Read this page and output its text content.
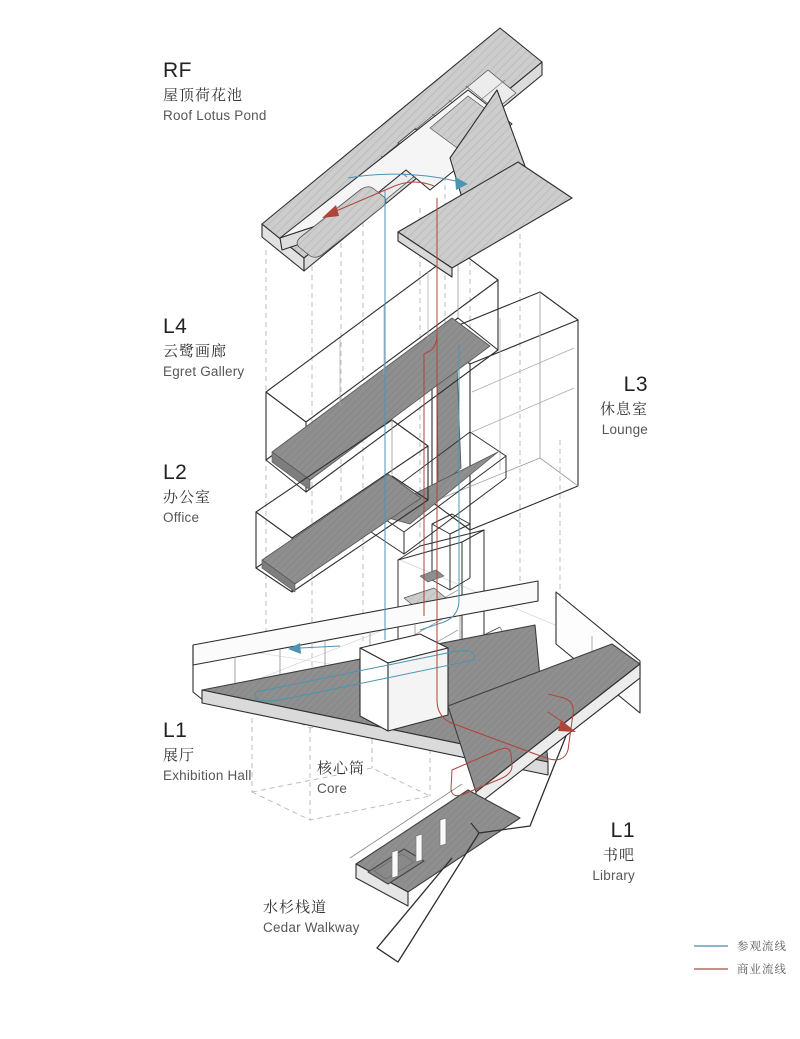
RF
屋顶荷花池
Roof Lotus Pond
L4
云鹭画廊
Egret Gallery
L3
休息室
Lounge
L2
办公室
Office
L1
展厅
Exhibition Hall	核心筒
Core
L1
书吧
Library
水杉栈道
Cedar Walkway
参观流线
商业流线
